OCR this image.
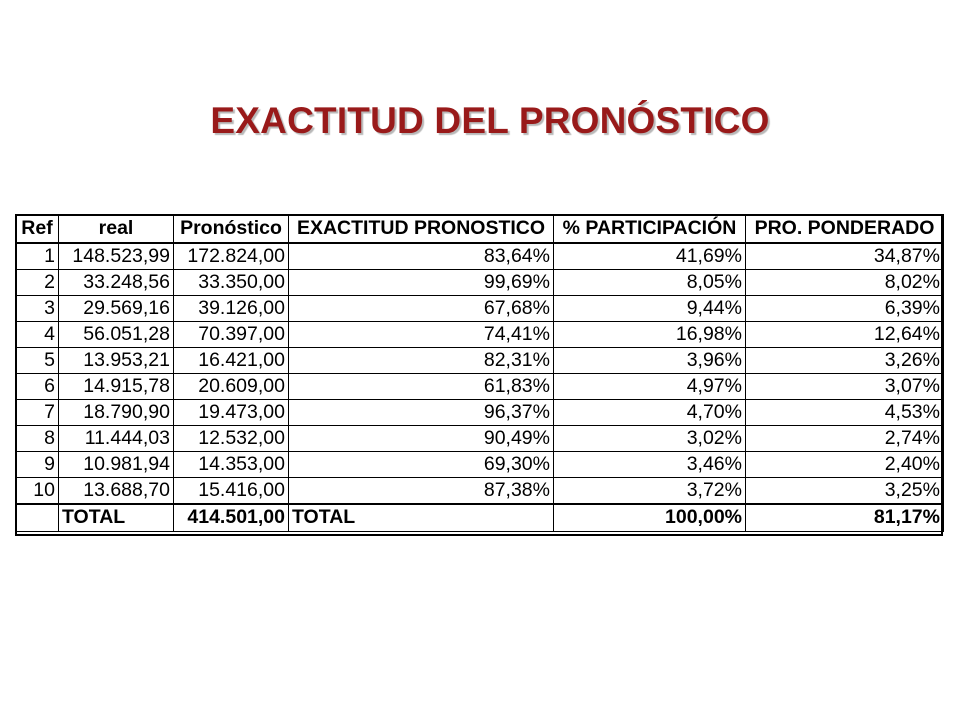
EXACTITUD DEL PRONÓSTICO
Ref	real	Pronóstico	EXACTITUD PRONOSTICO	% PARTICIPACIÓN	PRO. PONDERADO
1	148.523,99	172.824,00	83,64%	41,69%	34,87%
2	33.248,56	33.350,00	99,69%	8,05%	8,02%
3	29.569,16	39.126,00	67,68%	9,44%	6,39%
4	56.051,28	70.397,00	74,41%	16,98%	12,64%
5	13.953,21	16.421,00	82,31%	3,96%	3,26%
6	14.915,78	20.609,00	61,83%	4,97%	3,07%
7	18.790,90	19.473,00	96,37%	4,70%	4,53%
8	11.444,03	12.532,00	90,49%	3,02%	2,74%
9	10.981,94	14.353,00	69,30%	3,46%	2,40%
10	13.688,70	15.416,00	87,38%	3,72%	3,25%
	TOTAL	414.501,00	TOTAL	100,00%	81,17%
